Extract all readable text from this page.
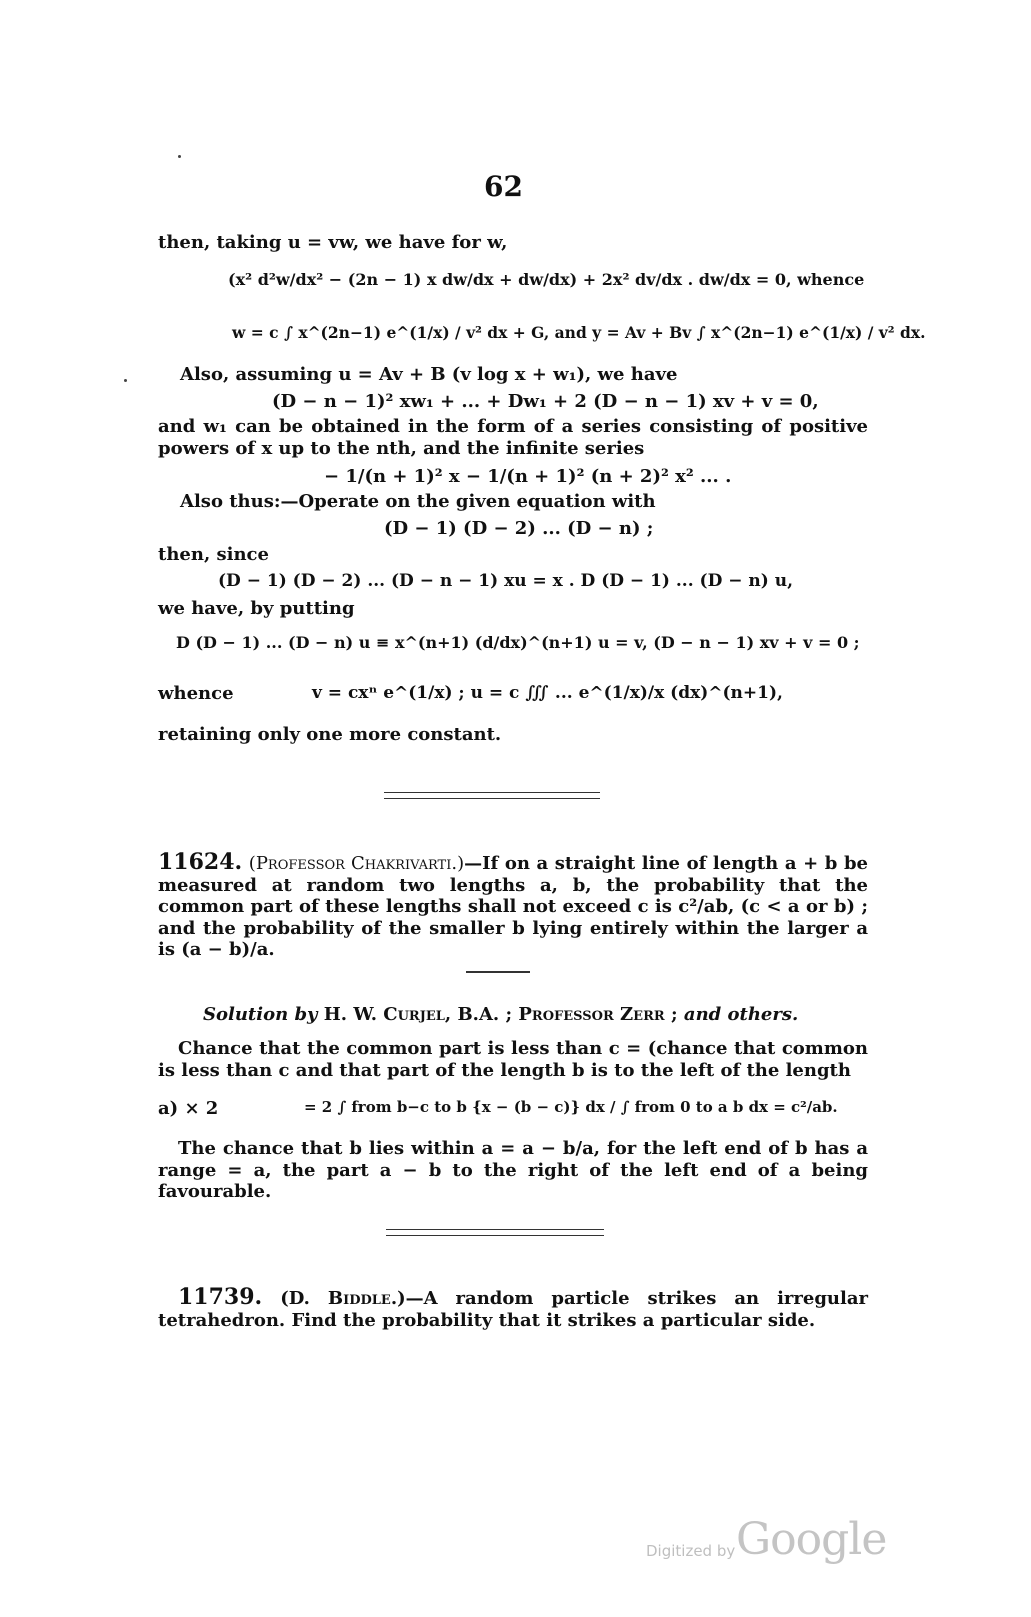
62
then, taking u = vw, we have for w,
(x² d²w/dx² − (2n − 1) x dw/dx + dw/dx) + 2x² dv/dx . dw/dx = 0, whence
w = c ∫ x^(2n−1) e^(1/x) / v² dx + G, and y = Av + Bv ∫ x^(2n−1) e^(1/x) / v² dx.
Also, assuming u = Av + B (v log x + w₁), we have
(D − n − 1)² xw₁ + ... + Dw₁ + 2 (D − n − 1) xv + v = 0,
and w₁ can be obtained in the form of a series consisting of positive powers of x up to the nth, and the infinite series
− 1/(n + 1)² x − 1/(n + 1)² (n + 2)² x² ... .
Also thus:—Operate on the given equation with
(D − 1) (D − 2) ... (D − n) ;
then, since
(D − 1) (D − 2) ... (D − n − 1) xu = x . D (D − 1) ... (D − n) u,
we have, by putting
D (D − 1) ... (D − n) u ≡ x^(n+1) (d/dx)^(n+1) u = v, (D − n − 1) xv + v = 0 ;
whence	v = cxⁿ e^(1/x) ; u = c ∭ ... e^(1/x)/x (dx)^(n+1),
retaining only one more constant.
11624. (Professor Chakrivarti.)—If on a straight line of length a + b be measured at random two lengths a, b, the probability that the common part of these lengths shall not exceed c is c²/ab, (c < a or b) ; and the probability of the smaller b lying entirely within the larger a is (a − b)/a.
Solution by H. W. Curjel, B.A. ; Professor Zerr ; and others.
Chance that the common part is less than c = (chance that common is less than c and that part of the length b is to the left of the length
a) × 2	= 2 ∫ from b−c to b {x − (b − c)} dx / ∫ from 0 to a b dx = c²/ab.
The chance that b lies within a = a − b/a, for the left end of b has a range = a, the part a − b to the right of the left end of a being favourable.
11739. (D. Biddle.)—A random particle strikes an irregular tetrahedron. Find the probability that it strikes a particular side.
Digitized by Google
